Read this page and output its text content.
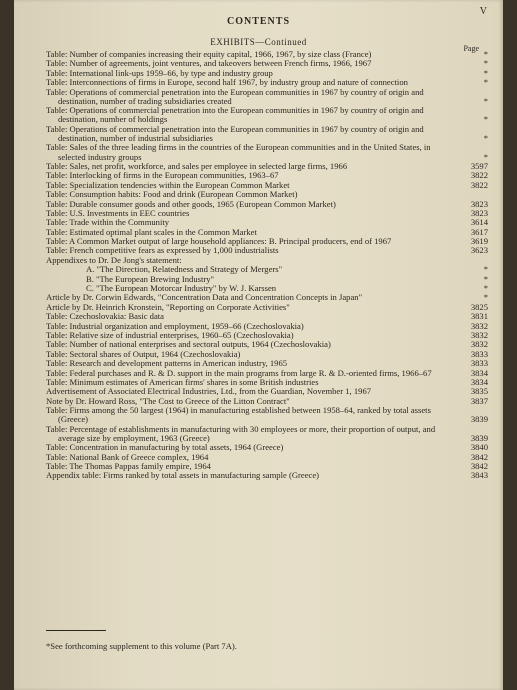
V
CONTENTS
EXHIBITS—Continued
Page
Table: Number of companies increasing their equity capital, 1966, 1967, by size class (France)	*
Table: Number of agreements, joint ventures, and takeovers between French firms, 1966, 1967	*
Table: International link-ups 1959–66, by type and industry group	*
Table: Interconnections of firms in Europe, second half 1967, by industry group and nature of connection	*
Table: Operations of commercial penetration into the European communities in 1967 by country of origin and destination, number of trading subsidiaries created	*
Table: Operations of commercial penetration into the European communities in 1967 by country of origin and destination, number of holdings	*
Table: Operations of commercial penetration into the European communities in 1967 by country of origin and destination, number of industrial subsidiaries	*
Table: Sales of the three leading firms in the countries of the European communities and in the United States, in selected industry groups	*
Table: Sales, net profit, workforce, and sales per employee in selected large firms, 1966	3597
Table: Interlocking of firms in the European communities, 1963–67	3822
Table: Specialization tendencies within the European Common Market	3822
Table: Consumption habits: Food and drink (European Common Market)
Table: Durable consumer goods and other goods, 1965 (European Common Market)	3823
Table: U.S. Investments in EEC countries	3823
Table: Trade within the Community	3614
Table: Estimated optimal plant scales in the Common Market	3617
Table: A Common Market output of large household appliances: B. Principal producers, end of 1967	3619
Table: French competitive fears as expressed by 1,000 industrialists	3623
Appendixes to Dr. De Jong's statement:
A. "The Direction, Relatedness and Strategy of Mergers"	*
B. "The European Brewing Industry"	*
C. "The European Motorcar Industry" by W. J. Karssen	*
Article by Dr. Corwin Edwards, "Concentration Data and Concentration Concepts in Japan"	*
Article by Dr. Heinrich Kronstein, "Reporting on Corporate Activities"	3825
Table: Czechoslovakia: Basic data	3831
Table: Industrial organization and employment, 1959–66 (Czechoslovakia)	3832
Table: Relative size of industrial enterprises, 1960–65 (Czechoslovakia)	3832
Table: Number of national enterprises and sectoral outputs, 1964 (Czechoslovakia)	3832
Table: Sectoral shares of Output, 1964 (Czechoslovakia)	3833
Table: Research and development patterns in American industry, 1965	3833
Table: Federal purchases and R. & D. support in the main programs from large R. & D.-oriented firms, 1966–67	3834
Table: Minimum estimates of American firms' shares in some British industries	3834
Advertisement of Associated Electrical Industries, Ltd., from the Guardian, November 1, 1967	3835
Note by Dr. Howard Ross, "The Cost to Greece of the Litton Contract"	3837
Table: Firms among the 50 largest (1964) in manufacturing established between 1958–64, ranked by total assets (Greece)	3839
Table: Percentage of establishments in manufacturing with 30 employees or more, their proportion of output, and average size by employment, 1963 (Greece)	3839
Table: Concentration in manufacturing by total assets, 1964 (Greece)	3840
Table: National Bank of Greece complex, 1964	3842
Table: The Thomas Pappas family empire, 1964	3842
Appendix table: Firms ranked by total assets in manufacturing sample (Greece)	3843
*See forthcoming supplement to this volume (Part 7A).
